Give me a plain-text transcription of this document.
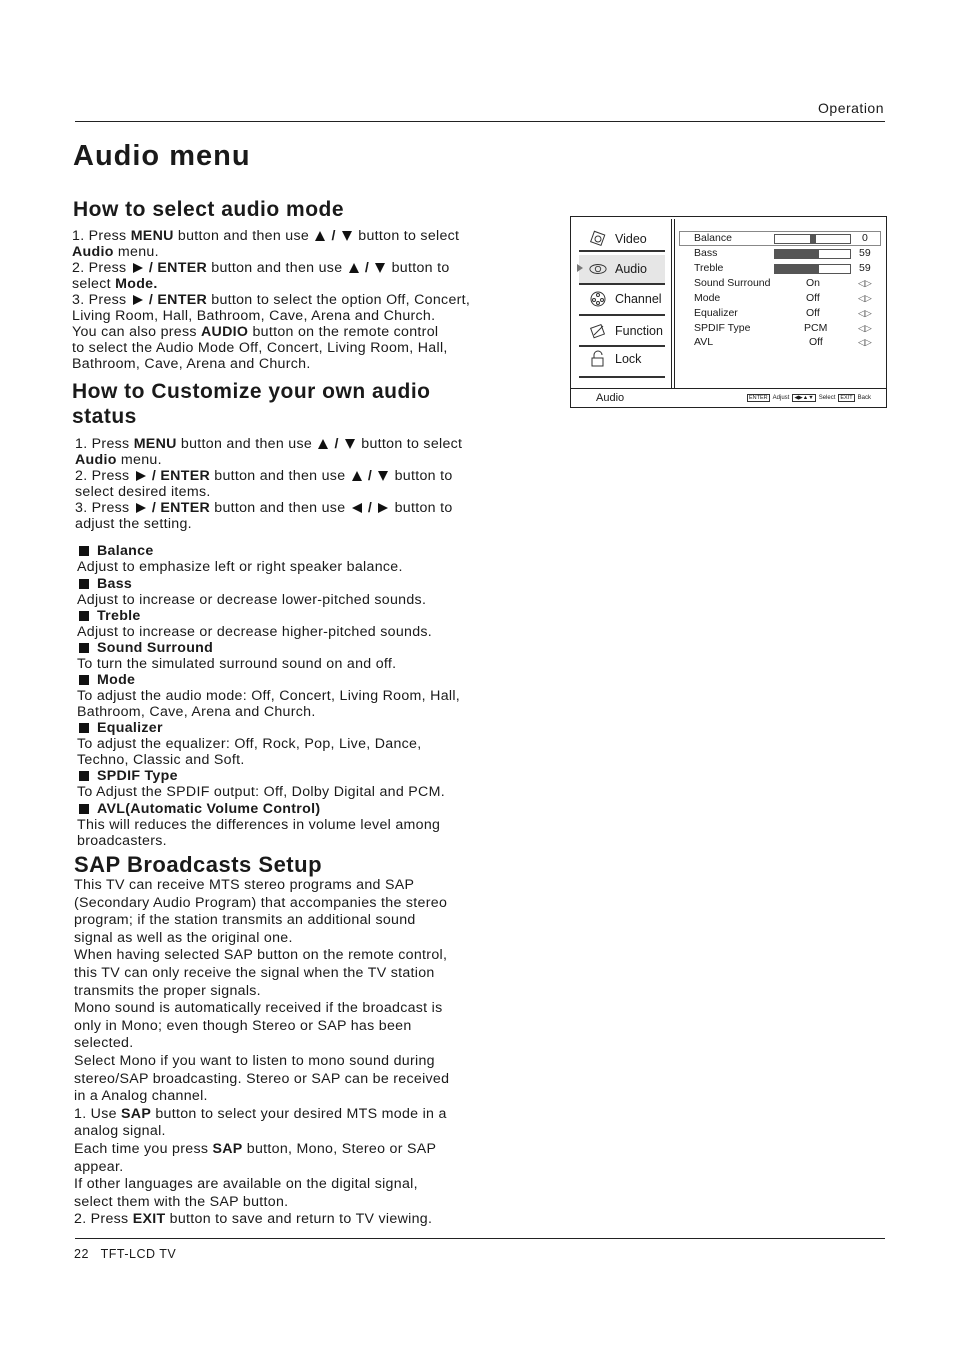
Operation
Audio menu
How to select audio mode
1. Press MENU button and then use  /  button to select
Audio menu.
2. Press  / ENTER button and then use  /  button to
select Mode.
3. Press  / ENTER button to select the option Off, Concert,
Living Room, Hall, Bathroom, Cave, Arena and Church.
You can also press AUDIO button on the remote control
to select the Audio Mode Off, Concert, Living Room, Hall,
Bathroom, Cave, Arena and Church.
How to Customize your own audio
status
1. Press MENU button and then use  /  button to select
Audio menu.
2. Press  / ENTER button and then use  /  button to
select desired items.
3. Press  / ENTER button and then use  /  button to
adjust the setting.
Balance
Adjust to emphasize left or right speaker balance.
Bass
Adjust to increase or decrease lower-pitched sounds.
Treble
Adjust to increase or decrease higher-pitched sounds.
Sound Surround
To turn the simulated surround sound on and off.
Mode
To adjust the audio mode: Off, Concert, Living Room, Hall,
Bathroom, Cave, Arena and Church.
Equalizer
To adjust the equalizer: Off, Rock, Pop, Live, Dance,
Techno, Classic and Soft.
SPDIF Type
To Adjust the SPDIF output: Off, Dolby Digital and PCM.
AVL(Automatic Volume Control)
This will reduces the differences in volume level among
broadcasters.
SAP Broadcasts Setup
This TV can receive MTS stereo programs and SAP
(Secondary Audio Program) that accompanies the stereo
program; if the station transmits an additional sound
signal as well as the original one.
When having selected SAP button on the remote control,
this TV can only receive the signal when the TV station
transmits the proper signals.
Mono sound is automatically received if the broadcast is
only in Mono; even though Stereo or SAP has been
selected.
Select Mono if you want to listen to mono sound during
stereo/SAP broadcasting. Stereo or SAP can be received
in a Analog channel.
1. Use SAP button to select your desired MTS mode in a
analog signal.
Each time you press SAP button, Mono, Stereo or SAP
appear.
If other languages are available on the digital signal,
select them with the SAP button.
2. Press EXIT button to save and return to TV viewing.
22 TFT-LCD TV
Video
Audio
Channel
Function
Lock
Balance	0
Bass	59
Treble	59
Sound Surround	On	◁▷
Mode	Off	◁▷
Equalizer	Off	◁▷
SPDIF Type	PCM	◁▷
AVL	Off	◁▷
Audio	ENTER Adjust ◀▶▲▼ Select EXIT Back
